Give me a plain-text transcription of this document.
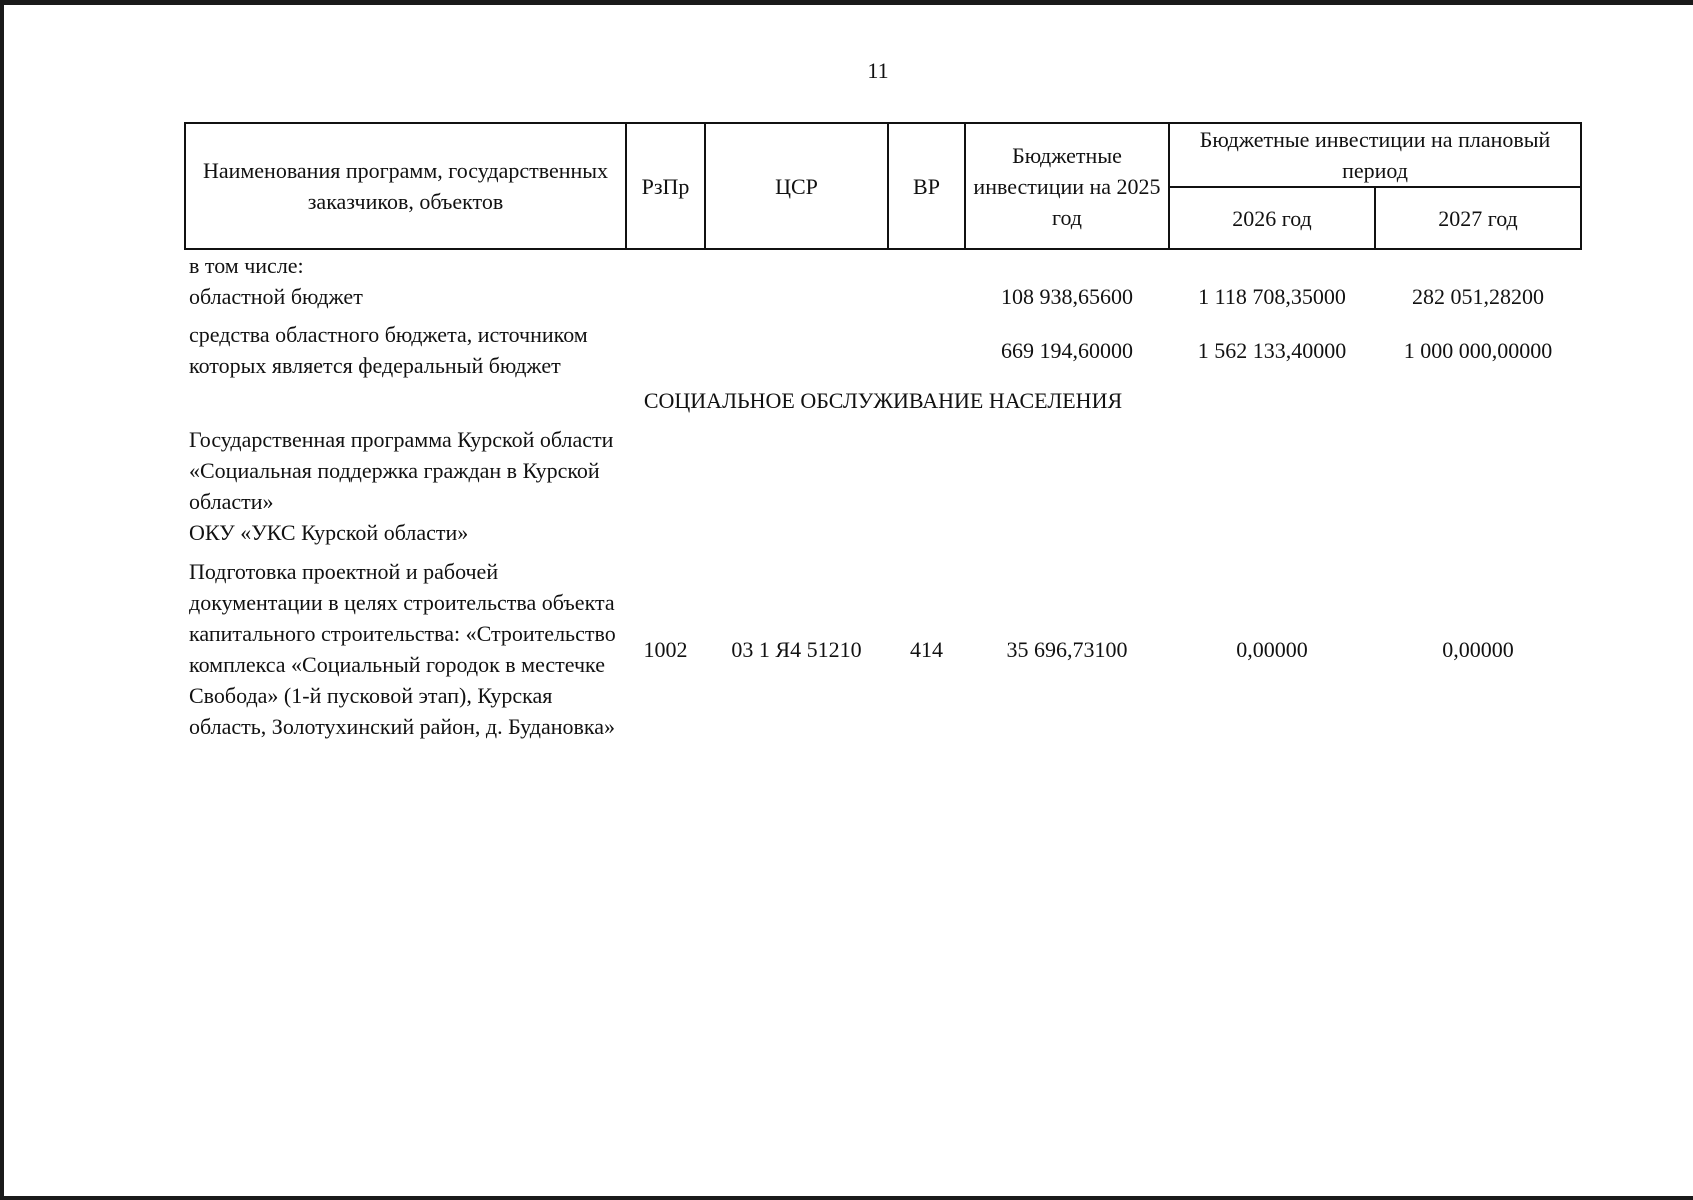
11
Наименования программ, государственных заказчиков, объектов	РзПр	ЦСР	ВР	Бюджетные инвестиции на 2025 год	Бюджетные инвестиции на плановый период	
					2026 год	2027 год
в том числе:						
областной бюджет				108 938,65600	1 118 708,35000	282 051,28200
средства областного бюджета, источником которых является федеральный бюджет				669 194,60000	1 562 133,40000	1 000 000,00000
СОЦИАЛЬНОЕ ОБСЛУЖИВАНИЕ НАСЕЛЕНИЯ						

Государственная программа Курской области «Социальная поддержка граждан в Курской области»
ОКУ «УКС Курской области»						

Подготовка проектной и рабочей документации в целях строительства объекта капитального строительства: «Строительство комплекса «Социальный городок в местечке
Свобода» (1-й пусковой этап), Курская область, Золотухинский район, д. Будановка»	1002	03 1 Я4 51210	414	35 696,73100	0,00000	0,00000
